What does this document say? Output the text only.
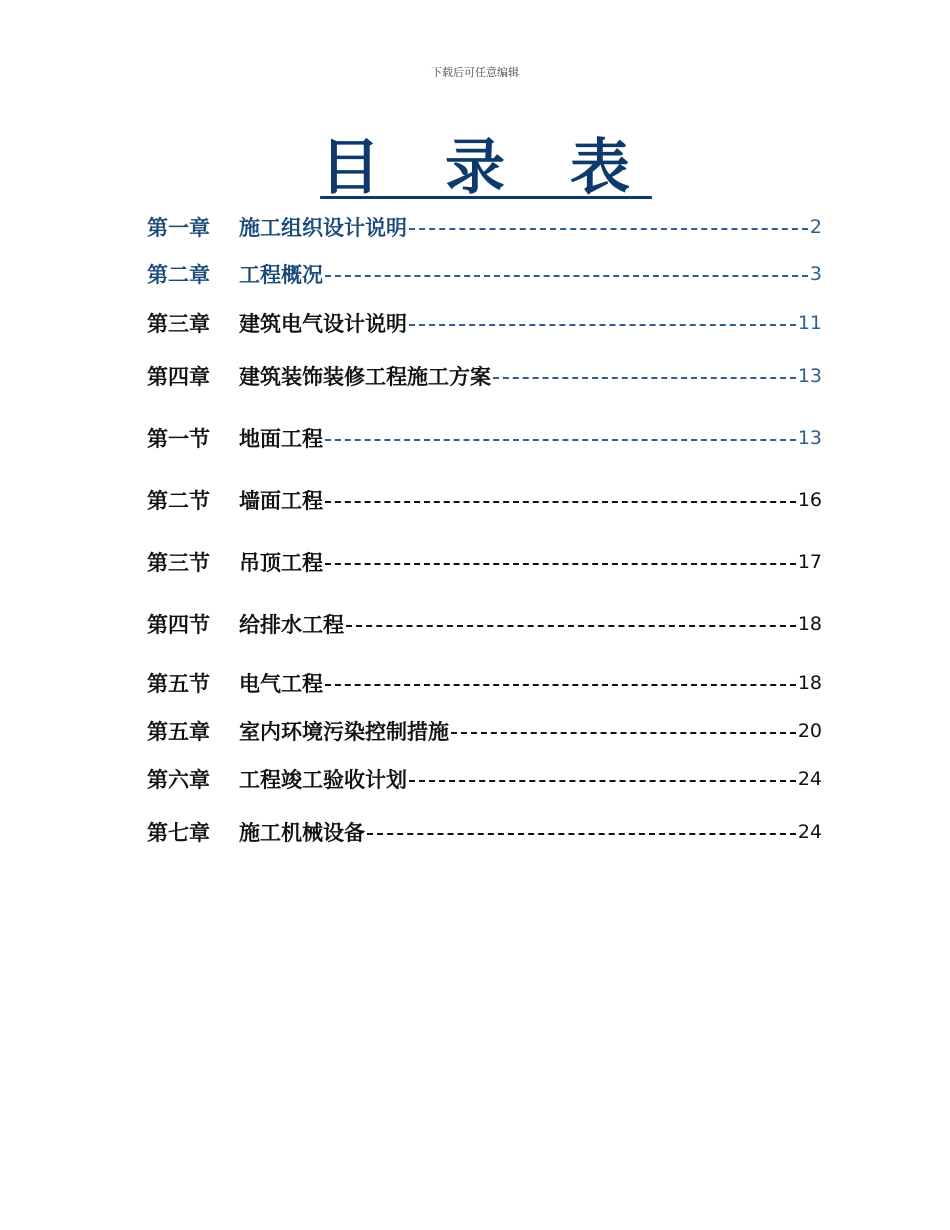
下载后可任意编辑
目 录 表
第一章	施工组织设计说明	2
第二章	工程概况	3
第三章	建筑电气设计说明	11
第四章	建筑装饰装修工程施工方案	13
第一节	地面工程	13
第二节	墙面工程	16
第三节	吊顶工程	17
第四节	给排水工程	18
第五节	电气工程	18
第五章	室内环境污染控制措施	20
第六章	工程竣工验收计划	24
第七章	施工机械设备	24
